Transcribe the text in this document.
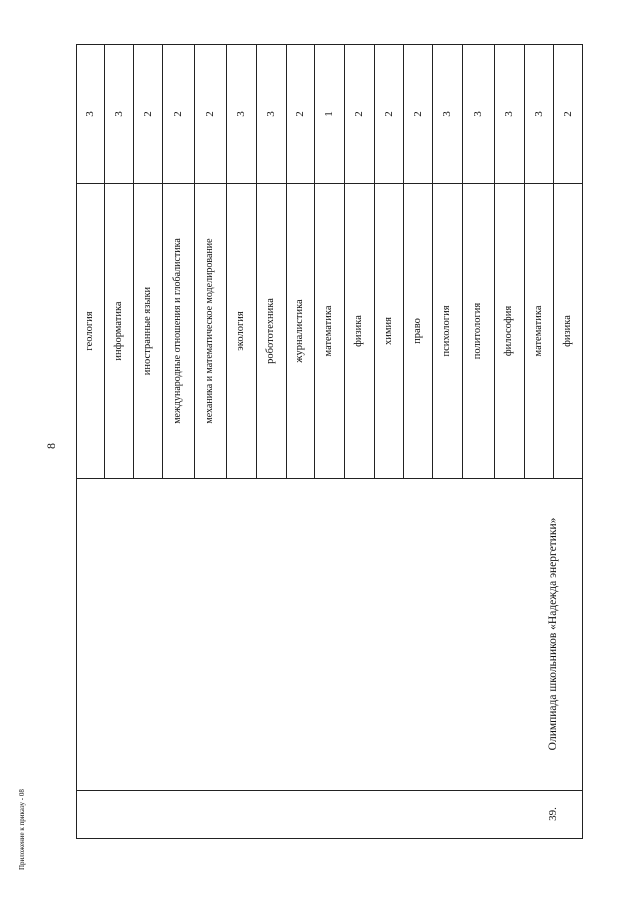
8
Приложение к приказу - 08
геология
3
информатика
3
иностранные языки
2
международные отношения и глобалистика
2
механика и математическое моделирование
2
экология
3
робототехника
3
журналистика
2
математика
1
физика
2
химия
2
право
2
психология
3
политология
3
философия
3
математика
3
физика
2
Олимпиада школьников «Надежда энергетики»
39.
